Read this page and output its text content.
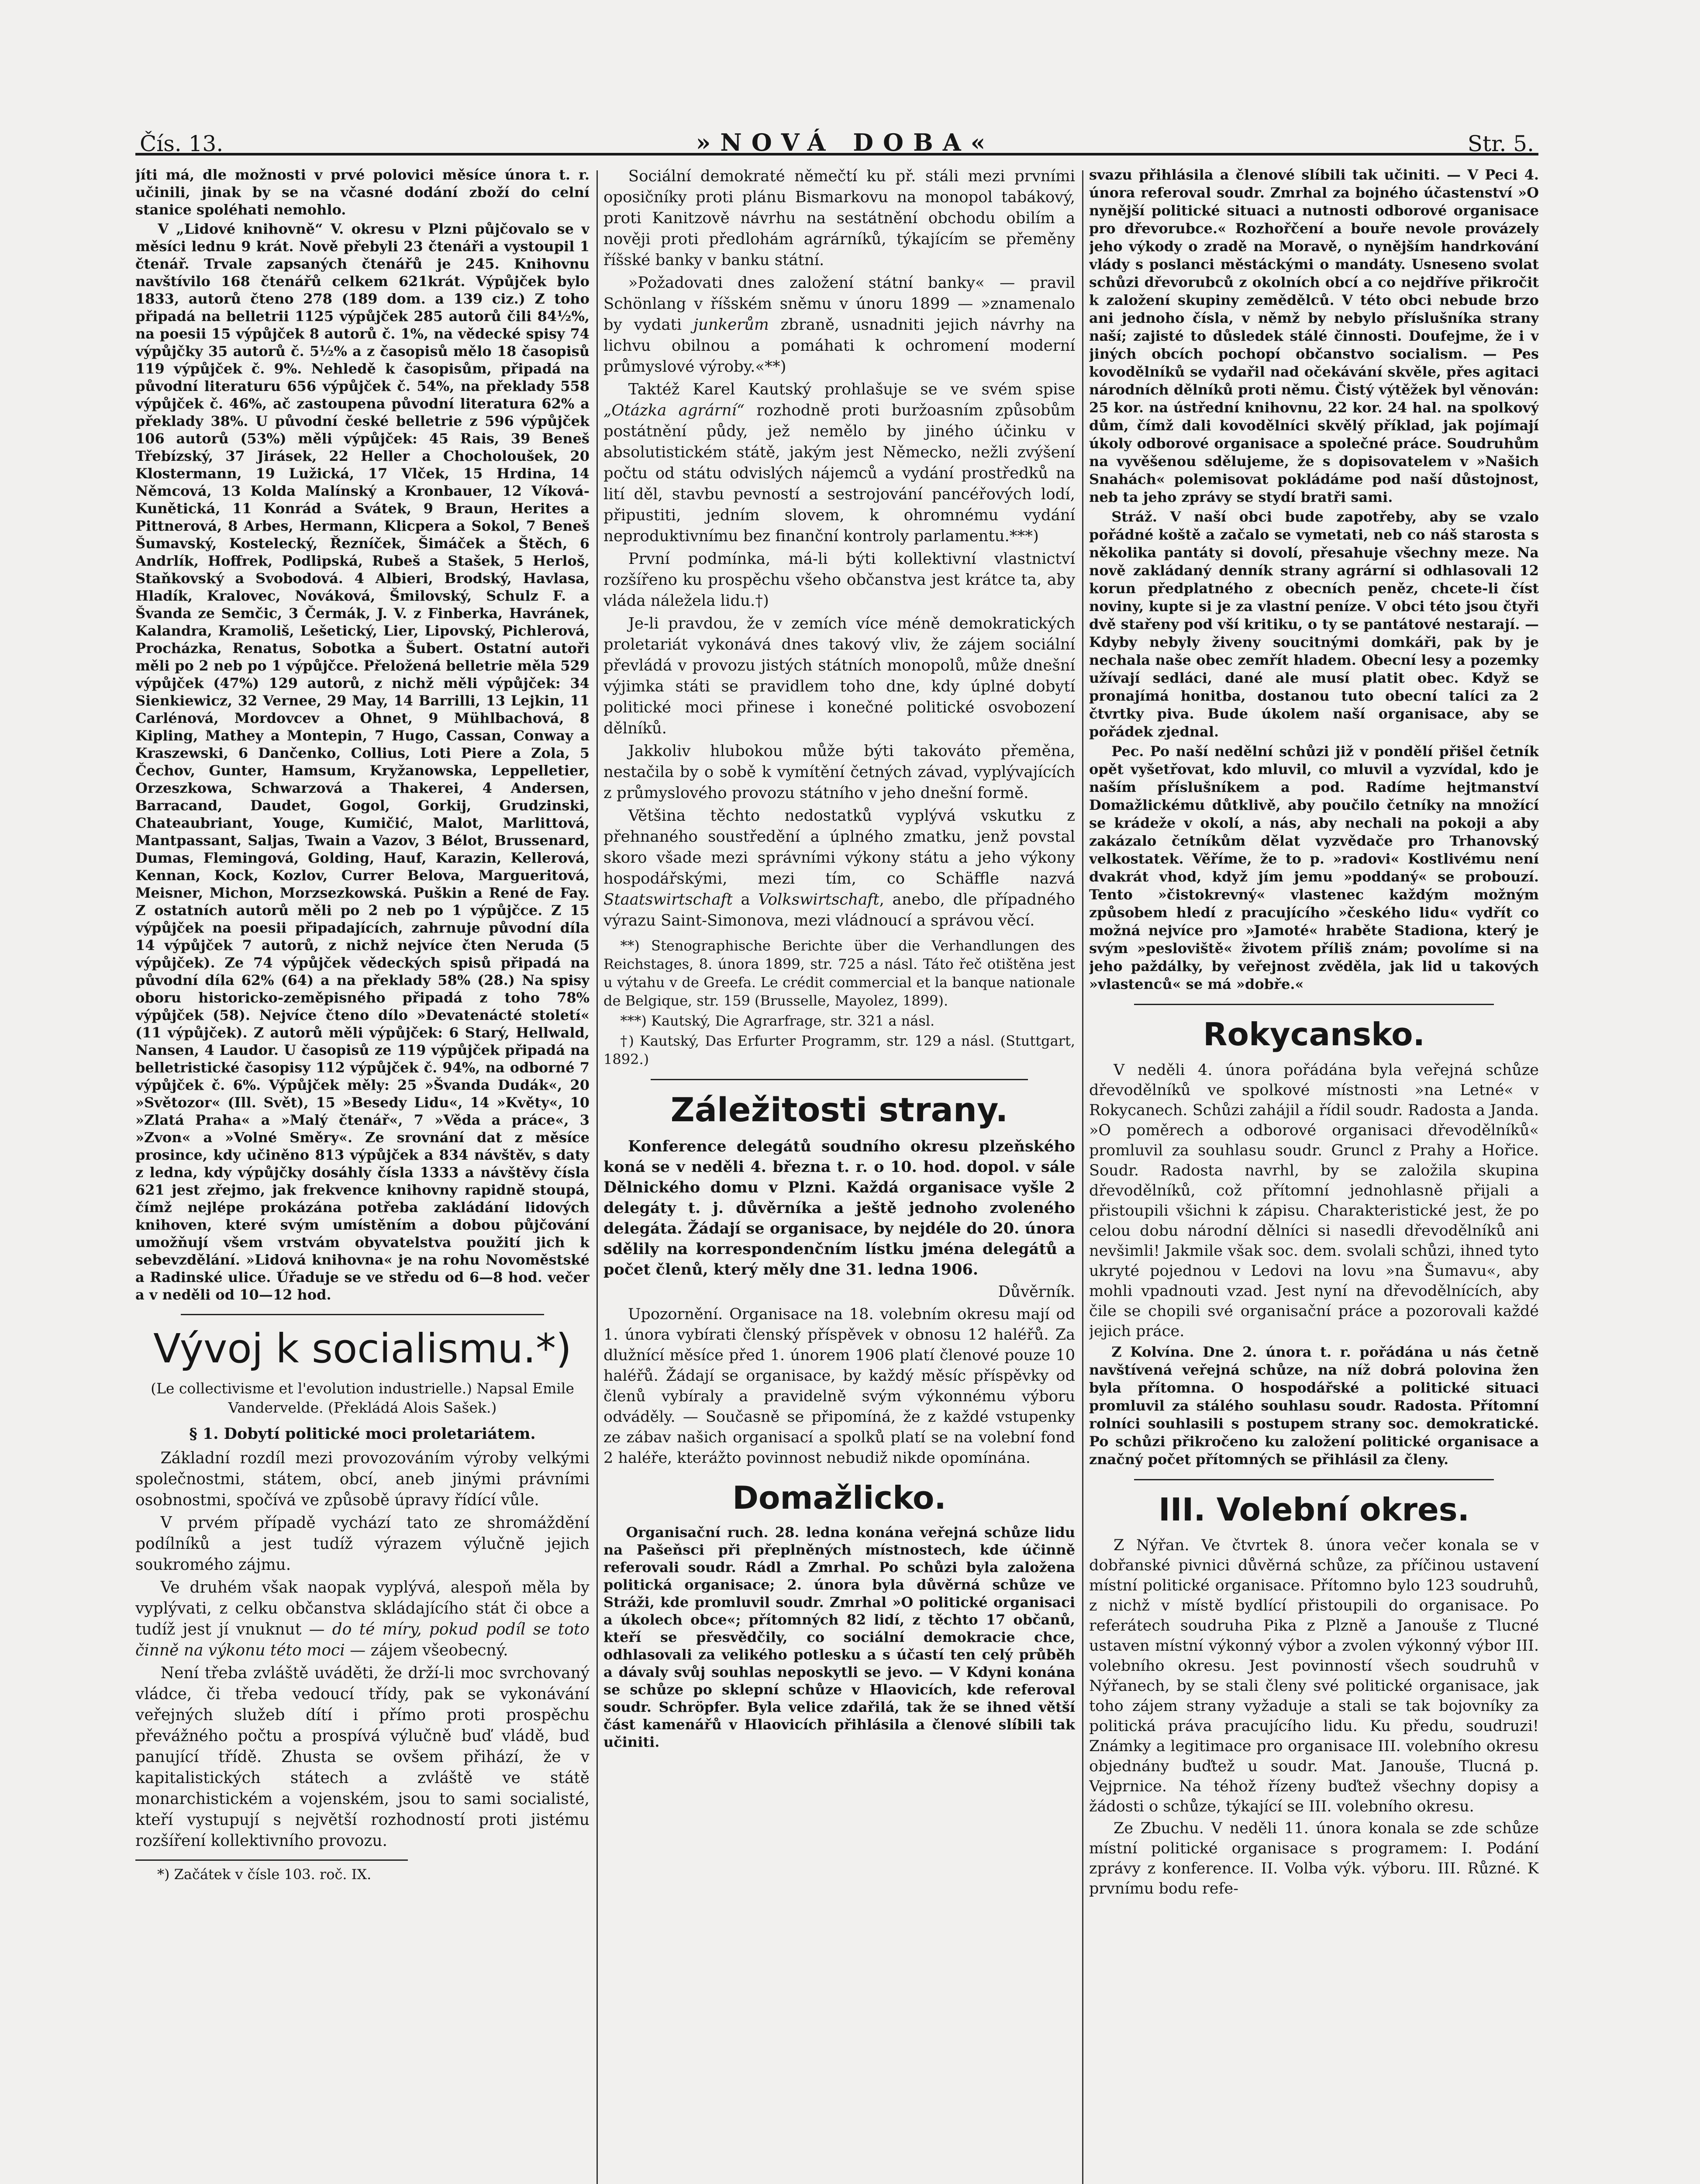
Čís. 13.	»NOVÁ DOBA«	Str. 5.

jíti má, dle možnosti v prvé polovici měsíce února t. r. učinili, jinak by se na včasné dodání zboží do celní stanice spoléhati nemohlo.

V „Lidové knihovně“ V. okresu v Plzni půjčovalo se v měsíci lednu 9 krát. Nově přebyli 23 čtenáři a vystoupil 1 čtenář. Trvale zapsaných čtenářů je 245. Knihovnu navštívilo 168 čtenářů celkem 621krát. Výpůjček bylo 1833, autorů čteno 278 (189 dom. a 139 ciz.) Z toho připadá na belletrii 1125 výpůjček 285 autorů čili 84½%, na poesii 15 výpůjček 8 autorů č. 1%, na vědecké spisy 74 výpůjčky 35 autorů č. 5½% a z časopisů mělo 18 časopisů 119 výpůjček č. 9%. Nehledě k časopisům, připadá na původní literaturu 656 výpůjček č. 54%, na překlady 558 výpůjček č. 46%, ač zastoupena původní literatura 62% a překlady 38%. U původní české belletrie z 596 výpůjček 106 autorů (53%) měli výpůjček: 45 Rais, 39 Beneš Třebízský, 37 Jirásek, 22 Heller a Chocholoušek, 20 Klostermann, 19 Lužická, 17 Vlček, 15 Hrdina, 14 Němcová, 13 Kolda Malínský a Kronbauer, 12 Víková-Kunětická, 11 Konrád a Svátek, 9 Braun, Herites a Pittnerová, 8 Arbes, Hermann, Klicpera a Sokol, 7 Beneš Šumavský, Kostelecký, Řezníček, Šimáček a Štěch, 6 Andrlík, Hoffrek, Podlipská, Rubeš a Stašek, 5 Herloš, Staňkovský a Svobodová. 4 Albieri, Brodský, Havlasa, Hladík, Kralovec, Nováková, Šmilovský, Schulz F. a Švanda ze Semčic, 3 Čermák, J. V. z Finberka, Havránek, Kalandra, Kramoliš, Lešetický, Lier, Lipovský, Pichlerová, Procházka, Renatus, Sobotka a Šubert. Ostatní autoři měli po 2 neb po 1 výpůjčce. Přeložená belletrie měla 529 výpůjček (47%) 129 autorů, z nichž měli výpůjček: 34 Sienkiewicz, 32 Vernee, 29 May, 14 Barrilli, 13 Lejkin, 11 Carlénová, Mordovcev a Ohnet, 9 Mühlbachová, 8 Kipling, Mathey a Montepin, 7 Hugo, Cassan, Conway a Kraszewski, 6 Dančenko, Collius, Loti Piere a Zola, 5 Čechov, Gunter, Hamsum, Kryžanowska, Leppelletier, Orzeszkowa, Schwarzová a Thakerei, 4 Andersen, Barracand, Daudet, Gogol, Gorkij, Grudzinski, Chateaubriant, Youge, Kumičić, Malot, Marlittová, Mantpassant, Saljas, Twain a Vazov, 3 Bélot, Brussenard, Dumas, Flemingová, Golding, Hauf, Karazin, Kellerová, Kennan, Kock, Kozlov, Currer Belova, Margueritová, Meisner, Michon, Morzsezkowská. Puškin a René de Fay. Z ostatních autorů měli po 2 neb po 1 výpůjčce. Z 15 výpůjček na poesii připadajících, zahrnuje původní díla 14 výpůjček 7 autorů, z nichž nejvíce čten Neruda (5 výpůjček). Ze 74 výpůjček vědeckých spisů připadá na původní díla 62% (64) a na překlady 58% (28.) Na spisy oboru historicko-zeměpisného připadá z toho 78% výpůjček (58). Nejvíce čteno dílo »Devatenácté století« (11 výpůjček). Z autorů měli výpůjček: 6 Starý, Hellwald, Nansen, 4 Laudor. U časopisů ze 119 výpůjček připadá na belletristické časopisy 112 výpůjček č. 94%, na odborné 7 výpůjček č. 6%. Výpůjček měly: 25 »Švanda Dudák«, 20 »Světozor« (Ill. Svět), 15 »Besedy Lidu«, 14 »Květy«, 10 »Zlatá Praha« a »Malý čtenář«, 7 »Věda a práce«, 3 »Zvon« a »Volné Směry«. Ze srovnání dat z měsíce prosince, kdy učiněno 813 výpůjček a 834 návštěv, s daty z ledna, kdy výpůjčky dosáhly čísla 1333 a návštěvy čísla 621 jest zřejmo, jak frekvence knihovny rapidně stoupá, čímž nejlépe prokázána potřeba zakládání lidových knihoven, které svým umístěním a dobou půjčování umožňují všem vrstvám obyvatelstva použití jich k sebevzdělání. »Lidová knihovna« je na rohu Novoměstské a Radinské ulice. Úřaduje se ve středu od 6—8 hod. večer a v neděli od 10—12 hod.

Vývoj k socialismu.*)
(Le collectivisme et l'evolution industrielle.) Napsal Emile Vandervelde. (Překládá Alois Sašek.)
§ 1. Dobytí politické moci proletariátem.

Základní rozdíl mezi provozováním výroby velkými společnostmi, státem, obcí, aneb jinými právními osobnostmi, spočívá ve způsobě úpravy řídící vůle.

V prvém případě vychází tato ze shromáždění podílníků a jest tudíž výrazem výlučně jejich soukromého zájmu.

Ve druhém však naopak vyplývá, alespoň měla by vyplývati, z celku občanstva skládajícího stát či obce a tudíž jest jí vnuknut — do té míry, pokud podíl se toto činně na výkonu této moci — zájem všeobecný.

Není třeba zvláště uváděti, že drží-li moc svrchovaný vládce, či třeba vedoucí třídy, pak se vykonávání veřejných služeb dítí i přímo proti prospěchu převážného počtu a prospívá výlučně buď vládě, buď panující třídě. Zhusta se ovšem přihází, že v kapitalistických státech a zvláště ve státě monarchistickém a vojenském, jsou to sami socialisté, kteří vystupují s největší rozhodností proti jistému rozšíření kollektivního provozu.

*) Začátek v čísle 103. roč. IX.

Sociální demokraté němečtí ku př. stáli mezi prvními oposičníky proti plánu Bismarkovu na monopol tabákový, proti Kanitzově návrhu na sestátnění obchodu obilím a nověji proti předlohám agrárníků, týkajícím se přeměny říšské banky v banku státní.

»Požadovati dnes založení státní banky« — pravil Schönlang v říšském sněmu v únoru 1899 — »znamenalo by vydati junkerům zbraně, usnadniti jejich návrhy na lichvu obilnou a pomáhati k ochromení moderní průmyslové výroby.«**)

Taktéž Karel Kautský prohlašuje se ve svém spise „Otázka agrární“ rozhodně proti buržoasním způsobům postátnění půdy, jež nemělo by jiného účinku v absolutistickém státě, jakým jest Německo, nežli zvýšení počtu od státu odvislých nájemců a vydání prostředků na lití děl, stavbu pevností a sestrojování pancéřových lodí, připustiti, jedním slovem, k ohromnému vydání neproduktivnímu bez finanční kontroly parlamentu.***)

První podmínka, má-li býti kollektivní vlastnictví rozšířeno ku prospěchu všeho občanstva jest krátce ta, aby vláda náležela lidu.†)

Je-li pravdou, že v zemích více méně demokratických proletariát vykonává dnes takový vliv, že zájem sociální převládá v provozu jistých státních monopolů, může dnešní výjimka státi se pravidlem toho dne, kdy úplné dobytí politické moci přinese i konečné politické osvobození dělníků.

Jakkoliv hlubokou může býti takováto přeměna, nestačila by o sobě k vymítění četných závad, vyplývajících z průmyslového provozu státního v jeho dnešní formě.

Většina těchto nedostatků vyplývá vskutku z přehnaného soustředění a úplného zmatku, jenž povstal skoro všade mezi správními výkony státu a jeho výkony hospodářskými, mezi tím, co Schäffle nazvá Staatswirtschaft a Volkswirtschaft, anebo, dle případného výrazu Saint-Simonova, mezi vládnoucí a správou věcí.

**) Stenographische Berichte über die Verhandlungen des Reichstages, 8. února 1899, str. 725 a násl. Táto řeč otištěna jest u výtahu v de Greefa. Le crédit commercial et la banque nationale de Belgique, str. 159 (Brusselle, Mayolez, 1899).

***) Kautský, Die Agrarfrage, str. 321 a násl.

†) Kautský, Das Erfurter Programm, str. 129 a násl. (Stuttgart, 1892.)

Záležitosti strany.

Konference delegátů soudního okresu plzeňského koná se v neděli 4. března t. r. o 10. hod. dopol. v sále Dělnického domu v Plzni. Každá organisace vyšle 2 delegáty t. j. důvěrníka a ještě jednoho zvoleného delegáta. Žádají se organisace, by nejdéle do 20. února sdělily na korrespondenčním lístku jména delegátů a počet členů, který měly dne 31. ledna 1906.

Důvěrník.

Upozornění. Organisace na 18. volebním okresu mají od 1. února vybírati členský příspěvek v obnosu 12 haléřů. Za dlužnící měsíce před 1. únorem 1906 platí členové pouze 10 haléřů. Žádají se organisace, by každý měsíc příspěvky od členů vybíraly a pravidelně svým výkonnému výboru odváděly. — Současně se připomíná, že z každé vstupenky ze zábav našich organisací a spolků platí se na volební fond 2 haléře, kterážto povinnost nebudiž nikde opomínána.

Domažlicko.

Organisační ruch. 28. ledna konána veřejná schůze lidu na Pašeňsci při přeplněných místnostech, kde účinně referovali soudr. Rádl a Zmrhal. Po schůzi byla založena politická organisace; 2. února byla důvěrná schůze ve Stráži, kde promluvil soudr. Zmrhal »O politické organisaci a úkolech obce«; přítomných 82 lidí, z těchto 17 občanů, kteří se přesvědčily, co sociální demokracie chce, odhlasovali za velikého potlesku a s účastí ten celý průběh a dávaly svůj souhlas neposkytli se jevo. — V Kdyni konána se schůze po sklepní schůze v Hlaovicích, kde referoval soudr. Schröpfer. Byla velice zdařilá, tak že se ihned větší část kamenářů v Hlaovicích přihlásila a členové slíbili tak učiniti.

svazu přihlásila a členové slíbili tak učiniti. — V Peci 4. února referoval soudr. Zmrhal za bojného účastenství »O nynější politické situaci a nutnosti odborové organisace pro dřevorubce.« Rozhořčení a bouře nevole provázely jeho výkody o zradě na Moravě, o nynějším handrkování vlády s poslanci městáckými o mandáty. Usneseno svolat schůzi dřevorubců z okolních obcí a co nejdříve přikročit k založení skupiny zemědělců. V této obci nebude brzo ani jednoho čísla, v němž by nebylo příslušníka strany naší; zajisté to důsledek stálé činnosti. Doufejme, že i v jiných obcích pochopí občanstvo socialism. — Pes kovodělníků se vydařil nad očekávání skvěle, přes agitaci národních dělníků proti němu. Čistý výtěžek byl věnován: 25 kor. na ústřední knihovnu, 22 kor. 24 hal. na spolkový dům, čímž dali kovodělníci skvělý příklad, jak pojímají úkoly odborové organisace a společné práce. Soudruhům na vyvěšenou sdělujeme, že s dopisovatelem v »Našich Snahách« polemisovat pokládáme pod naší důstojnost, neb ta jeho zprávy se stydí bratři sami.

Stráž. V naší obci bude zapotřeby, aby se vzalo pořádné koště a začalo se vymetati, neb co náš starosta s několika pantáty si dovolí, přesahuje všechny meze. Na nově zakládaný denník strany agrární si odhlasovali 12 korun předplatného z obecních peněz, chcete-li číst noviny, kupte si je za vlastní peníze. V obci této jsou čtyři dvě stařeny pod vší kritiku, o ty se pantátové nestarají. — Kdyby nebyly živeny soucitnými domkáři, pak by je nechala naše obec zemřít hladem. Obecní lesy a pozemky užívají sedláci, dané ale musí platit obec. Když se pronajímá honitba, dostanou tuto obecní talíci za 2 čtvrtky piva. Bude úkolem naší organisace, aby se pořádek zjednal.

Pec. Po naší nedělní schůzi již v pondělí přišel četník opět vyšetřovat, kdo mluvil, co mluvil a vyzvídal, kdo je naším příslušníkem a pod. Radíme hejtmanství Domažlickému důtklivě, aby poučilo četníky na množící se krádeže v okolí, a nás, aby nechali na pokoji a aby zakázalo četníkům dělat vyzvědače pro Trhanovský velkostatek. Věříme, že to p. »radovi« Kostlivému není dvakrát vhod, když jím jemu »poddaný« se probouzí. Tento »čistokrevný« vlastenec každým možným způsobem hledí z pracujícího »českého lidu« vydřít co možná nejvíce pro »Jamoté« hraběte Stadiona, který je svým »pesloviště« životem příliš znám; povolíme si na jeho paždálky, by veřejnost zvěděla, jak lid u takových »vlastenců« se má »dobře.«

Rokycansko.

V neděli 4. února pořádána byla veřejná schůze dřevodělníků ve spolkové místnosti »na Letné« v Rokycanech. Schůzi zahájil a řídil soudr. Radosta a Janda. »O poměrech a odborové organisaci dřevodělníků« promluvil za souhlasu soudr. Gruncl z Prahy a Hořice. Soudr. Radosta navrhl, by se založila skupina dřevodělníků, což přítomní jednohlasně přijali a přistoupili všichni k zápisu. Charakteristické jest, že po celou dobu národní dělníci si nasedli dřevodělníků ani nevšimli! Jakmile však soc. dem. svolali schůzi, ihned tyto ukryté pojednou v Ledovi na lovu »na Šumavu«, aby mohli vpadnouti vzad. Jest nyní na dřevodělnících, aby čile se chopili své organisační práce a pozorovali každé jejich práce.

Z Kolvína. Dne 2. února t. r. pořádána u nás četně navštívená veřejná schůze, na níž dobrá polovina žen byla přítomna. O hospodářské a politické situaci promluvil za stálého souhlasu soudr. Radosta. Přítomní rolníci souhlasili s postupem strany soc. demokratické. Po schůzi přikročeno ku založení politické organisace a značný počet přítomných se přihlásil za členy.

III. Volební okres.

Z Nýřan. Ve čtvrtek 8. února večer konala se v dobřanské pivnici důvěrná schůze, za příčinou ustavení místní politické organisace. Přítomno bylo 123 soudruhů, z nichž v místě bydlící přistoupili do organisace. Po referátech soudruha Pika z Plzně a Janouše z Tlucné ustaven místní výkonný výbor a zvolen výkonný výbor III. volebního okresu. Jest povinností všech soudruhů v Nýřanech, by se stali členy své politické organisace, jak toho zájem strany vyžaduje a stali se tak bojovníky za politická práva pracujícího lidu. Ku předu, soudruzi! Známky a legitimace pro organisace III. volebního okresu objednány buďtež u soudr. Mat. Janouše, Tlucná p. Vejprnice. Na téhož řízeny buďtež všechny dopisy a žádosti o schůze, týkající se III. volebního okresu.

Ze Zbuchu. V neděli 11. února konala se zde schůze místní politické organisace s programem: I. Podání zprávy z konference. II. Volba výk. výboru. III. Různé. K prvnímu bodu refe-
